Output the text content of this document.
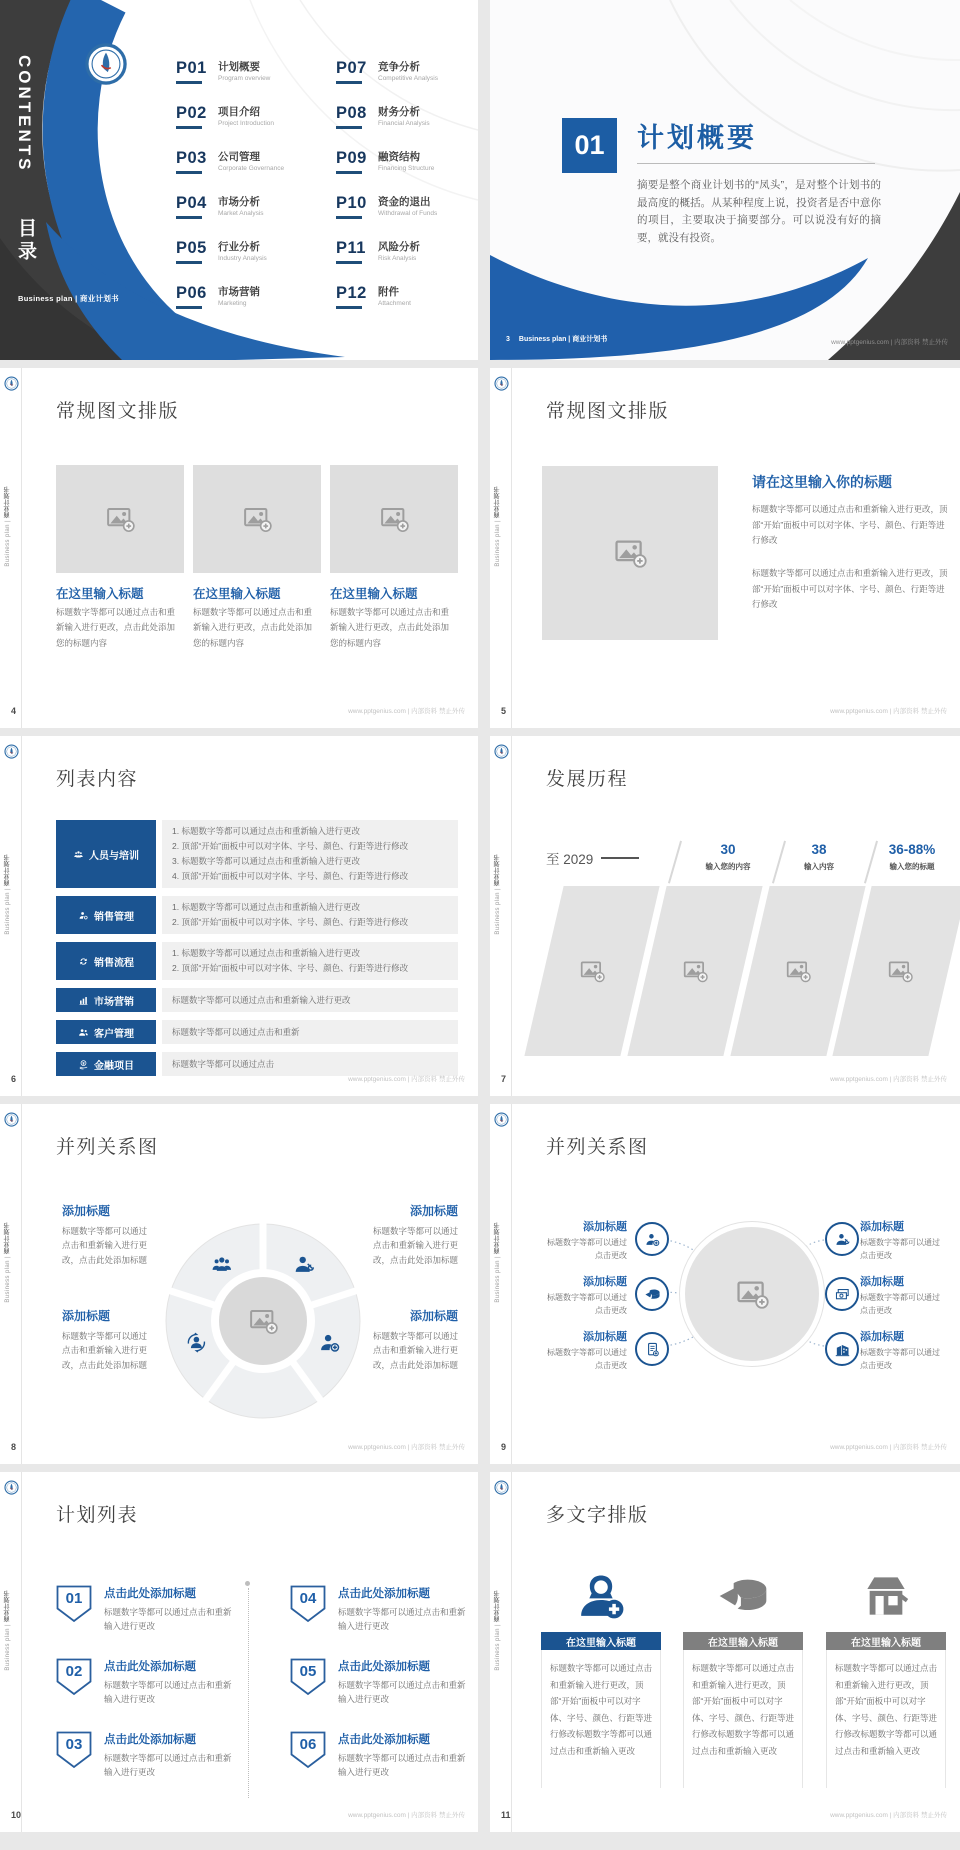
CONTENTS
目录
P01	计划概要
Program overview
P02	项目介绍
Project Introduction
P03	公司管理
Corporate Governance
P04	市场分析
Market Analysis
P05	行业分析
Industry Analysis
P06	市场营销
Marketing
P07	竞争分析
Competitive Analysis
P08	财务分析
Financial Analysis
P09	融资结构
Financing Structure
P10	资金的退出
Withdrawal of Funds
P11	风险分析
Risk Analysis
P12	附件
Attachment
Business plan | 商业计划书
01	计划概要
摘要是整个商业计划书的“凤头”，是对整个计划书的最高度的概括。从某种程度上说，投资者是否中意你的项目，主要取决于摘要部分。可以说没有好的摘要，就没有投资。
3 Business plan | 商业计划书	www.pptgenius.com | 内部资料 禁止外传
Business plan | 商业计划书
常规图文排版
在这里输入标题	在这里输入标题	在这里输入标题
标题数字等都可以通过点击和重新输入进行更改，点击此处添加您的标题内容
标题数字等都可以通过点击和重新输入进行更改，点击此处添加您的标题内容
标题数字等都可以通过点击和重新输入进行更改，点击此处添加您的标题内容
4	www.pptgenius.com | 内部资料 禁止外传
Business plan | 商业计划书
常规图文排版
请在这里输入你的标题
标题数字等都可以通过点击和重新输入进行更改，顶部“开始”面板中可以对字体、字号、颜色、行距等进行修改
标题数字等都可以通过点击和重新输入进行更改，顶部“开始”面板中可以对字体、字号、颜色、行距等进行修改
5	www.pptgenius.com | 内部资料 禁止外传
Business plan | 商业计划书
列表内容
人员与培训
1. 标题数字等都可以通过点击和重新输入进行更改
2. 顶部“开始”面板中可以对字体、字号、颜色、行距等进行修改
3. 标题数字等都可以通过点击和重新输入进行更改
4. 顶部“开始”面板中可以对字体、字号、颜色、行距等进行修改
销售管理
1. 标题数字等都可以通过点击和重新输入进行更改
2. 顶部“开始”面板中可以对字体、字号、颜色、行距等进行修改
销售流程
1. 标题数字等都可以通过点击和重新输入进行更改
2. 顶部“开始”面板中可以对字体、字号、颜色、行距等进行修改
市场营销	标题数字等都可以通过点击和重新输入进行更改
客户管理	标题数字等都可以通过点击和重新
金融项目	标题数字等都可以通过点击
6	www.pptgenius.com | 内部资料 禁止外传
Business plan | 商业计划书
发展历程
至 2029
30
输入您的内容
38
输入内容
36-88%
输入您的标题
7	www.pptgenius.com | 内部资料 禁止外传
Business plan | 商业计划书
并列关系图
添加标题
标题数字等都可以通过点击和重新输入进行更改，点击此处添加标题
添加标题
标题数字等都可以通过点击和重新输入进行更改，点击此处添加标题
添加标题
标题数字等都可以通过点击和重新输入进行更改，点击此处添加标题
添加标题
标题数字等都可以通过点击和重新输入进行更改，点击此处添加标题
8	www.pptgenius.com | 内部资料 禁止外传
Business plan | 商业计划书
并列关系图
添加标题
标题数字等都可以通过点击更改
添加标题
标题数字等都可以通过点击更改
添加标题
标题数字等都可以通过点击更改
添加标题
标题数字等都可以通过点击更改
添加标题
标题数字等都可以通过点击更改
添加标题
标题数字等都可以通过点击更改
9	www.pptgenius.com | 内部资料 禁止外传
Business plan | 商业计划书
计划列表
01	点击此处添加标题
标题数字等都可以通过点击和重新输入进行更改
02	点击此处添加标题
标题数字等都可以通过点击和重新输入进行更改
03	点击此处添加标题
标题数字等都可以通过点击和重新输入进行更改
04	点击此处添加标题
标题数字等都可以通过点击和重新输入进行更改
05	点击此处添加标题
标题数字等都可以通过点击和重新输入进行更改
06	点击此处添加标题
标题数字等都可以通过点击和重新输入进行更改
10	www.pptgenius.com | 内部资料 禁止外传
Business plan | 商业计划书
多文字排版
在这里输入标题
标题数字等都可以通过点击和重新输入进行更改，顶部“开始”面板中可以对字体、字号、颜色、行距等进行修改标题数字等都可以通过点击和重新输入更改
在这里输入标题
标题数字等都可以通过点击和重新输入进行更改，顶部“开始”面板中可以对字体、字号、颜色、行距等进行修改标题数字等都可以通过点击和重新输入更改
在这里输入标题
标题数字等都可以通过点击和重新输入进行更改，顶部“开始”面板中可以对字体、字号、颜色、行距等进行修改标题数字等都可以通过点击和重新输入更改
11	www.pptgenius.com | 内部资料 禁止外传
